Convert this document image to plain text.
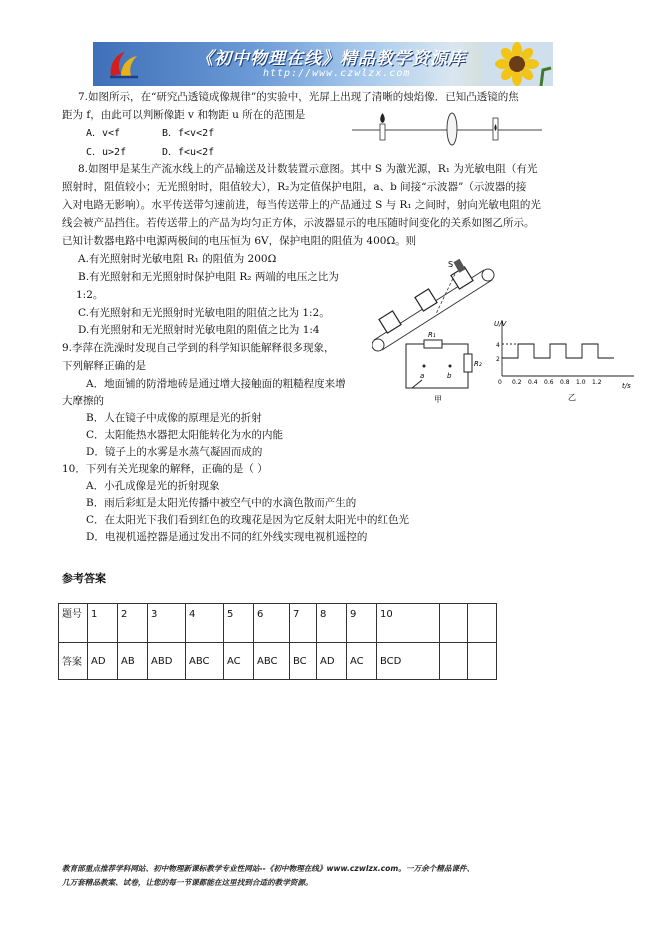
《初中物理在线》精品教学资源库
http://www.czwlzx.com
7.如图所示，在“研究凸透镜成像规律”的实验中，光屏上出现了清晰的烛焰像．已知凸透镜的焦
距为 f，由此可以判断像距 v 和物距 u 所在的范围是
A．v<f	B．f<v<2f
C．u>2f	D．f<u<2f
8.如图甲是某生产流水线上的产品输送及计数装置示意图。其中 S 为激光源，R₁ 为光敏电阻（有光
照射时，阻值较小；无光照射时，阻值较大），R₂为定值保护电阻，a、b 间接“示波器”（示波器的接
入对电路无影响）。水平传送带匀速前进，每当传送带上的产品通过 S 与 R₁ 之间时，射向光敏电阻的光
线会被产品挡住。若传送带上的产品为均匀正方体，示波器显示的电压随时间变化的关系如图乙所示。
已知计数器电路中电源两极间的电压恒为 6V，保护电阻的阻值为 400Ω。则
A.有光照射时光敏电阻 R₁ 的阻值为 200Ω
B.有光照射和无光照射时保护电阻 R₂ 两端的电压之比为
1:2。
C.有光照射和无光照射时光敏电阻的阻值之比为 1:2。
D.有光照射和无光照射时光敏电阻的阻值之比为 1:4
S
R₁
R₂
a	b
甲
U/V
t/s
4
2
0 0.2 0.4 0.6 0.8 1.0 1.2
乙
9.李萍在洗澡时发现自己学到的科学知识能解释很多现象，
下列解释正确的是
A．地面铺的防滑地砖是通过增大接触面的粗糙程度来增
大摩擦的
B．人在镜子中成像的原理是光的折射
C．太阳能热水器把太阳能转化为水的内能
D．镜子上的水雾是水蒸气凝固而成的
10．下列有关光现象的解释，正确的是（ ）
A．小孔成像是光的折射现象
B．雨后彩虹是太阳光传播中被空气中的水滴色散而产生的
C．在太阳光下我们看到红色的玫瑰花是因为它反射太阳光中的红色光
D．电视机遥控器是通过发出不同的红外线实现电视机遥控的
参考答案
题号	1	2	3	4	5	6	7	8	9	10		
答案	AD	AB	ABD	ABC	AC	ABC	BC	AD	AC	BCD		
教育部重点推荐学科网站、初中物理新课标教学专业性网站--《初中物理在线》www.czwlzx.com。一万余个精品课件、
几万套精品教案、试卷，让您的每一节课都能在这里找到合适的教学资源。
